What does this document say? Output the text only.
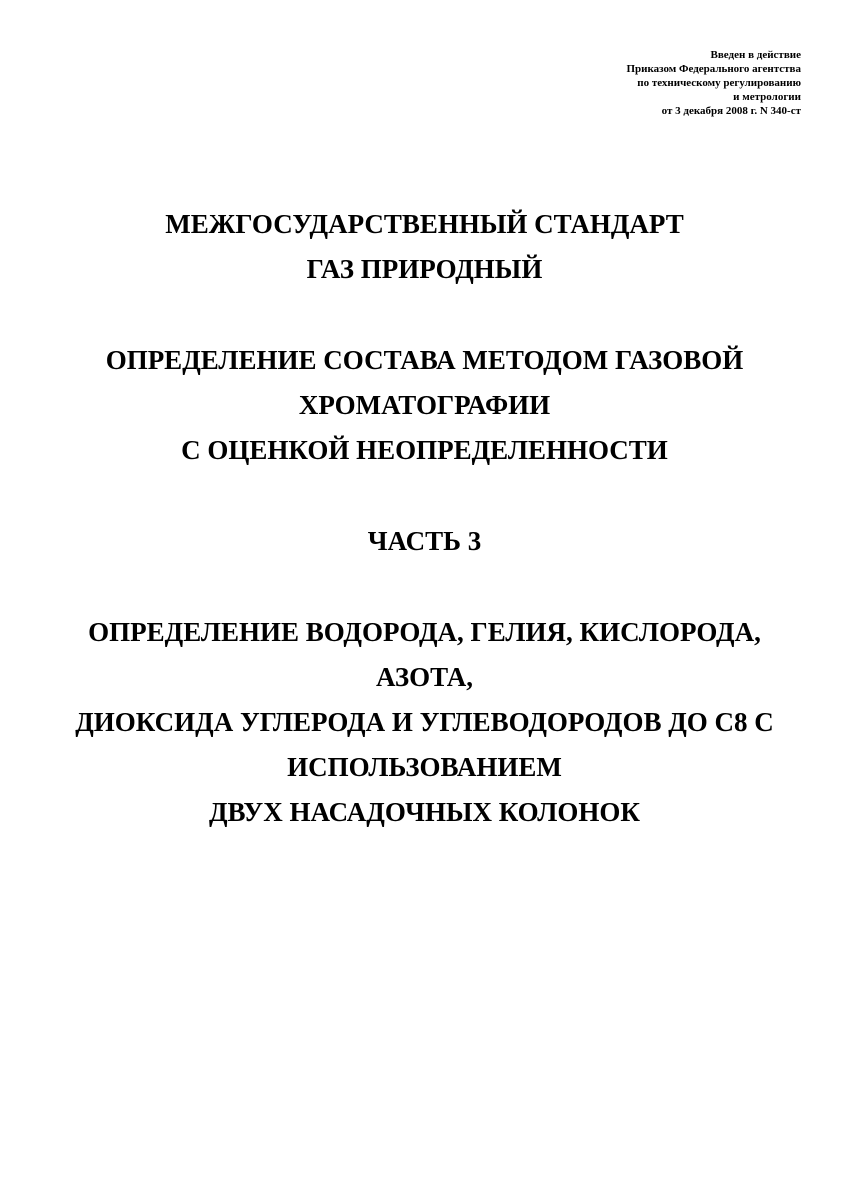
Введен в действие
Приказом Федерального агентства
по техническому регулированию
и метрологии
от 3 декабря 2008 г. N 340-ст
МЕЖГОСУДАРСТВЕННЫЙ СТАНДАРТ
ГАЗ ПРИРОДНЫЙ
ОПРЕДЕЛЕНИЕ СОСТАВА МЕТОДОМ ГАЗОВОЙ
ХРОМАТОГРАФИИ
С ОЦЕНКОЙ НЕОПРЕДЕЛЕННОСТИ
ЧАСТЬ 3
ОПРЕДЕЛЕНИЕ ВОДОРОДА, ГЕЛИЯ, КИСЛОРОДА,
АЗОТА,
ДИОКСИДА УГЛЕРОДА И УГЛЕВОДОРОДОВ ДО С8 С
ИСПОЛЬЗОВАНИЕМ
ДВУХ НАСАДОЧНЫХ КОЛОНОК
